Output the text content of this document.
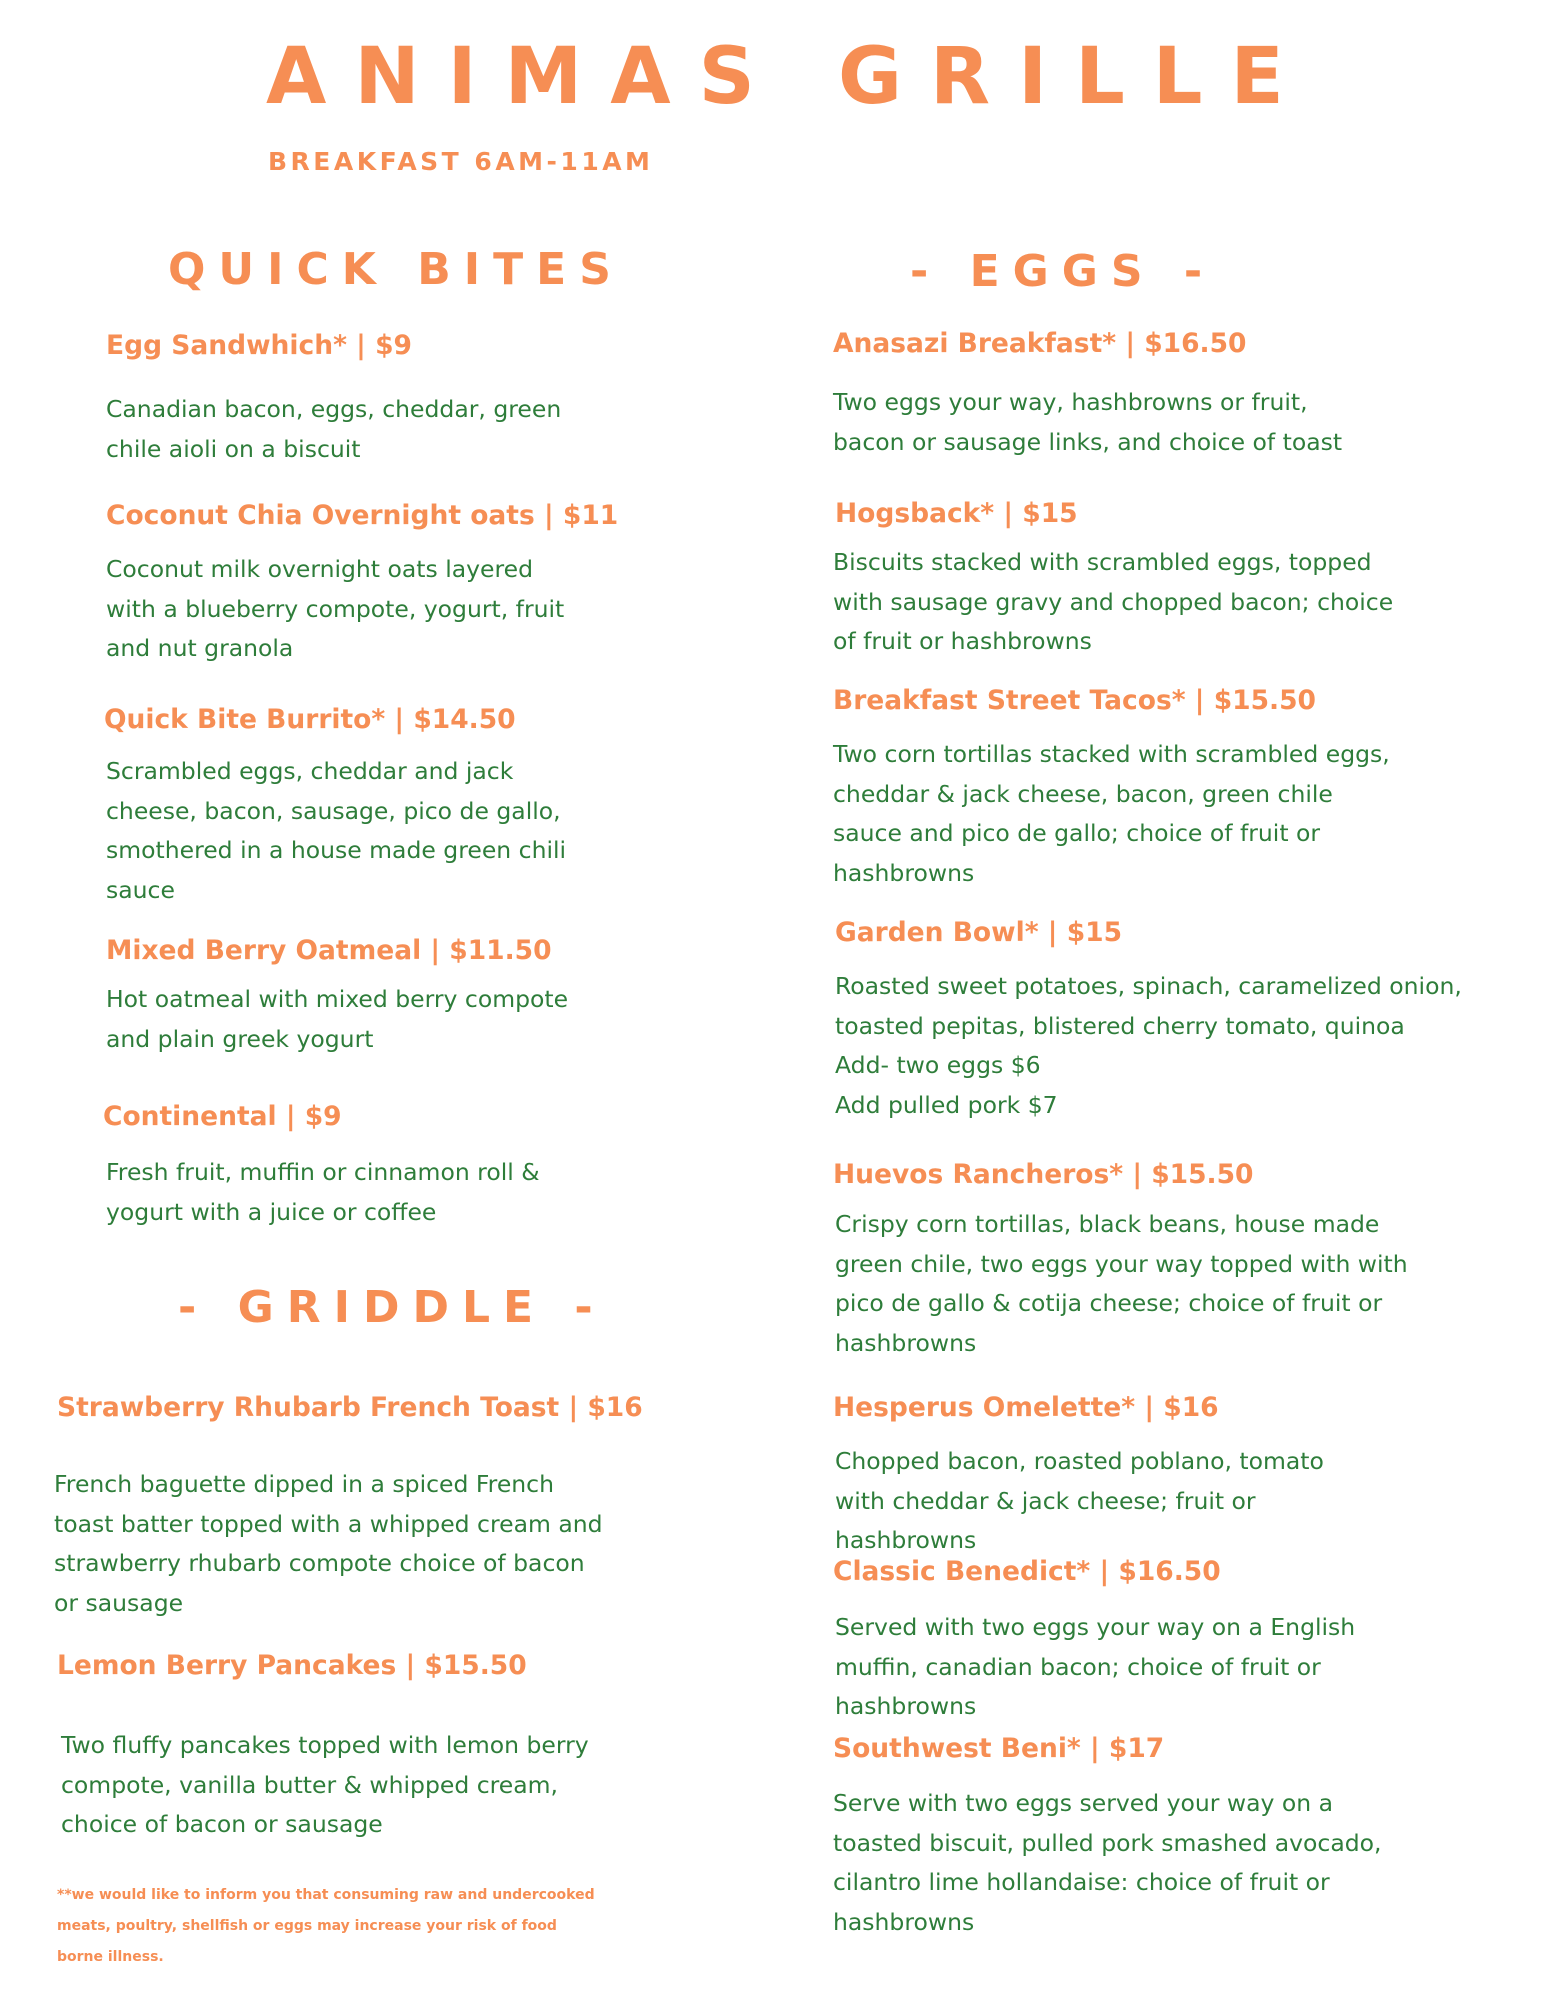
ANIMAS GRILLE
BREAKFAST 6AM-11AM
QUICK BITES	- EGGS -
- GRIDDLE -
Egg Sandwhich* | $9
Canadian bacon, eggs, cheddar, green
chile aioli on a biscuit
Coconut Chia Overnight oats | $11
Coconut milk overnight oats layered
with a blueberry compote, yogurt, fruit
and nut granola
Quick Bite Burrito* | $14.50
Scrambled eggs, cheddar and jack
cheese, bacon, sausage, pico de gallo,
smothered in a house made green chili
sauce
Mixed Berry Oatmeal | $11.50
Hot oatmeal with mixed berry compote
and plain greek yogurt
Continental | $9
Fresh fruit, muffin or cinnamon roll &
yogurt with a juice or coffee
Strawberry Rhubarb French Toast | $16
French baguette dipped in a spiced French
toast batter topped with a whipped cream and
strawberry rhubarb compote choice of bacon
or sausage
Lemon Berry Pancakes | $15.50
Two fluffy pancakes topped with lemon berry
compote, vanilla butter & whipped cream,
choice of bacon or sausage
Anasazi Breakfast* | $16.50
Two eggs your way, hashbrowns or fruit,
bacon or sausage links, and choice of toast
Hogsback* | $15
Biscuits stacked with scrambled eggs, topped
with sausage gravy and chopped bacon; choice
of fruit or hashbrowns
Breakfast Street Tacos* | $15.50
Two corn tortillas stacked with scrambled eggs,
cheddar & jack cheese, bacon, green chile
sauce and pico de gallo; choice of fruit or
hashbrowns
Garden Bowl* | $15
Roasted sweet potatoes, spinach, caramelized onion,
toasted pepitas, blistered cherry tomato, quinoa
Add- two eggs $6
Add pulled pork $7
Huevos Rancheros* | $15.50
Crispy corn tortillas, black beans, house made
green chile, two eggs your way topped with with
pico de gallo & cotija cheese; choice of fruit or
hashbrowns
Hesperus Omelette* | $16
Chopped bacon, roasted poblano, tomato
with cheddar & jack cheese; fruit or
hashbrowns
Classic Benedict* | $16.50
Served with two eggs your way on a English
muffin, canadian bacon; choice of fruit or
hashbrowns
Southwest Beni* | $17
Serve with two eggs served your way on a
toasted biscuit, pulled pork smashed avocado,
cilantro lime hollandaise: choice of fruit or
hashbrowns
**we would like to inform you that consuming raw and undercooked
meats, poultry, shellfish or eggs may increase your risk of food
borne illness.
